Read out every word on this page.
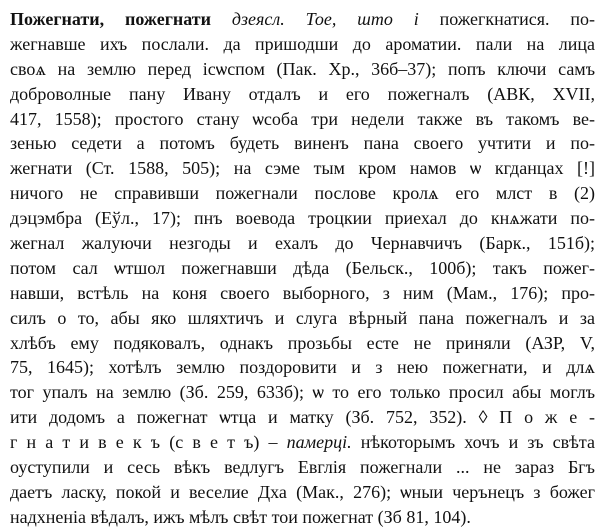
Пожегнати, пожегнати дзеясл. Тое, што і пожегкнатися. по-
жегнавше ихъ послали. да пришодши до ароматии. пали на лица
своѧ на землю перед ісѡспом (Пак. Хр., 36б–37); попъ ключи самъ
доброволные пану Ивану отдалъ и его пожегналъ (АВК, XVII,
417, 1558); простого стану ѡсоба три недели также въ такомъ ве-
зенью седети а потомъ будеть виненъ пана своего учтити и по-
жегнати (Ст. 1588, 505); на сэме тым кром намов ѡ кгданцах [!]
ничого не справивши пожегнали послове кролѧ его млст в (2)
дэцэмбра (Еўл., 17); пнъ воевода троцкии приехал до кнѧжати по-
жегнал жалуючи незгоды и ехалъ до Чернавчичъ (Барк., 151б);
потом сал ѡтшол пожегнавши дѣда (Бельск., 100б); такъ пожег-
навши, встѣль на коня своего выборного, з ним (Мам., 176); про-
силъ о то, абы яко шляхтичъ и слуга вѣрный пана пожегналъ и за
хлѣбъ ему подяковалъ, однакъ прозьбы есте не приняли (АЗР, V,
75, 1645); хотѣлъ землю поздоровити и з нею пожегнати, и длѧ
тог упалъ на землю (Зб. 259, 633б); ѡ то его только просил абы моглъ
ити додомъ а пожегнат ѡтца и матку (Зб. 752, 352). ◊ П о ж е -
г н а т и в е к ъ (с в е т ъ) – памерці. нѣкоторымъ хочъ и зъ свѣта
оуступили и сесь вѣкъ ведлугъ Евглія пожегнали ... не зараз Бгъ
даетъ ласку, покой и веселие Дха (Мак., 276); ѡныи черънецъ з божег
надхненіа вѣдалъ, ижъ мѣлъ свѣт тои пожегнат (Зб 81, 104).
